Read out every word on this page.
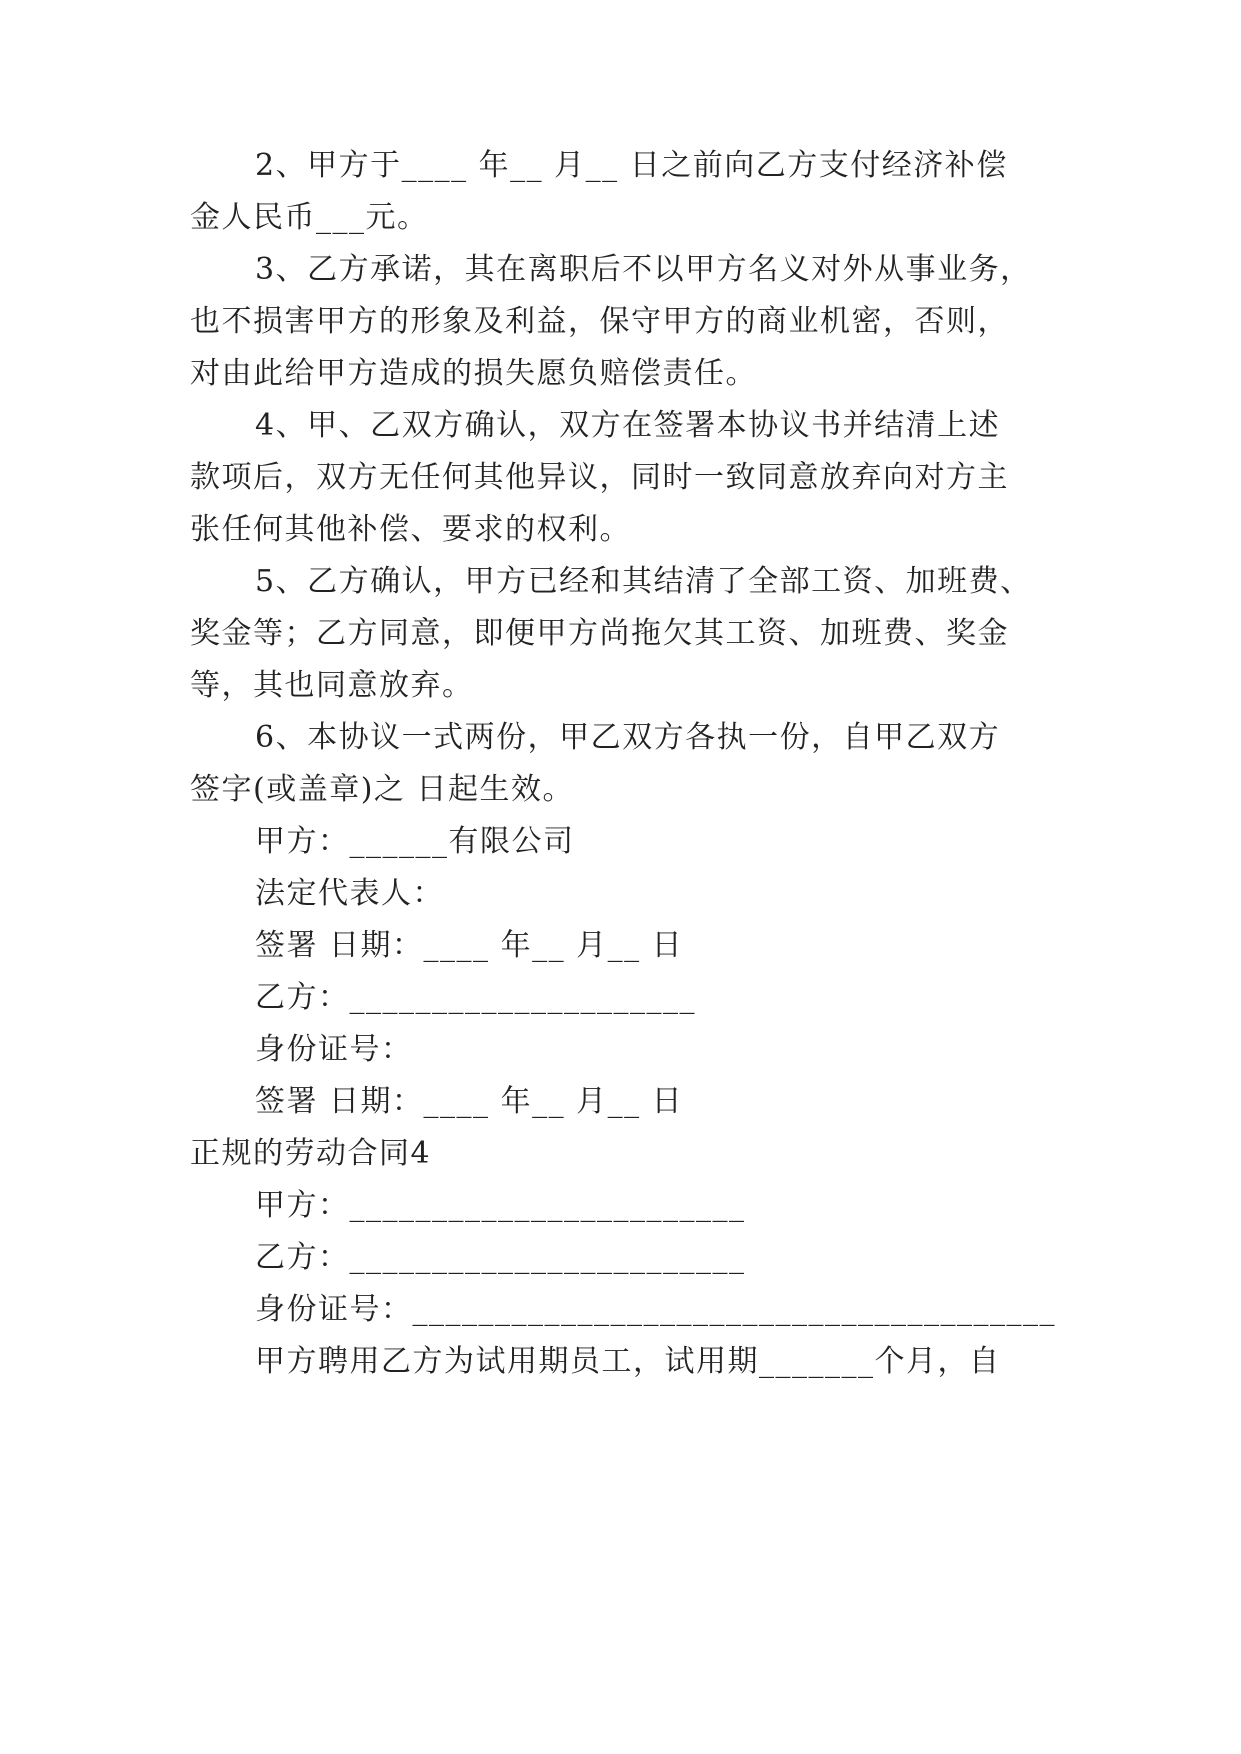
2、甲方于____ 年__ 月__ 日之前向乙方支付经济补偿
金人民币___元。
3、乙方承诺，其在离职后不以甲方名义对外从事业务，
也不损害甲方的形象及利益，保守甲方的商业机密，否则，
对由此给甲方造成的损失愿负赔偿责任。
4、甲、乙双方确认，双方在签署本协议书并结清上述
款项后，双方无任何其他异议，同时一致同意放弃向对方主
张任何其他补偿、要求的权利。
5、乙方确认，甲方已经和其结清了全部工资、加班费、
奖金等；乙方同意，即便甲方尚拖欠其工资、加班费、奖金
等，其也同意放弃。
6、本协议一式两份，甲乙双方各执一份，自甲乙双方
签字(或盖章)之 日起生效。
甲方：______有限公司
法定代表人：
签署 日期：____ 年__ 月__ 日
乙方：_____________________
身份证号：
签署 日期：____ 年__ 月__ 日
正规的劳动合同4
甲方：________________________
乙方：________________________
身份证号：_______________________________________
甲方聘用乙方为试用期员工，试用期_______个月，自
